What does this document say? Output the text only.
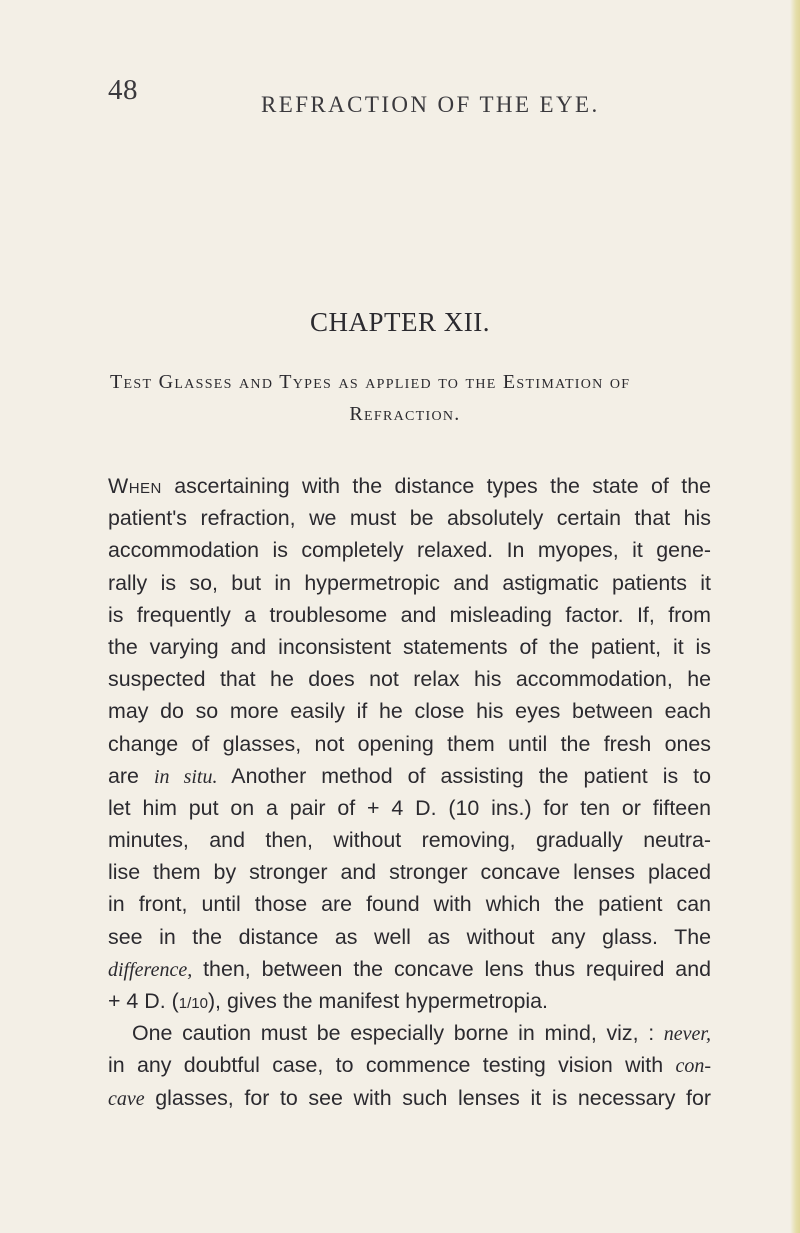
48	REFRACTION OF THE EYE.
CHAPTER XII.
Test Glasses and Types as applied to the Estimation of
Refraction.
When ascertaining with the distance types the state of the
patient's refraction, we must be absolutely certain that his
accommodation is completely relaxed. In myopes, it gene-
rally is so, but in hypermetropic and astigmatic patients it
is frequently a troublesome and misleading factor. If, from
the varying and inconsistent statements of the patient, it is
suspected that he does not relax his accommodation, he
may do so more easily if he close his eyes between each
change of glasses, not opening them until the fresh ones
are in situ. Another method of assisting the patient is to
let him put on a pair of + 4 D. (10 ins.) for ten or fifteen
minutes, and then, without removing, gradually neutra-
lise them by stronger and stronger concave lenses placed
in front, until those are found with which the patient can
see in the distance as well as without any glass. The
difference, then, between the concave lens thus required and
+ 4 D. (1/10), gives the manifest hypermetropia.
One caution must be especially borne in mind, viz, : never,
in any doubtful case, to commence testing vision with con-
cave glasses, for to see with such lenses it is necessary for
